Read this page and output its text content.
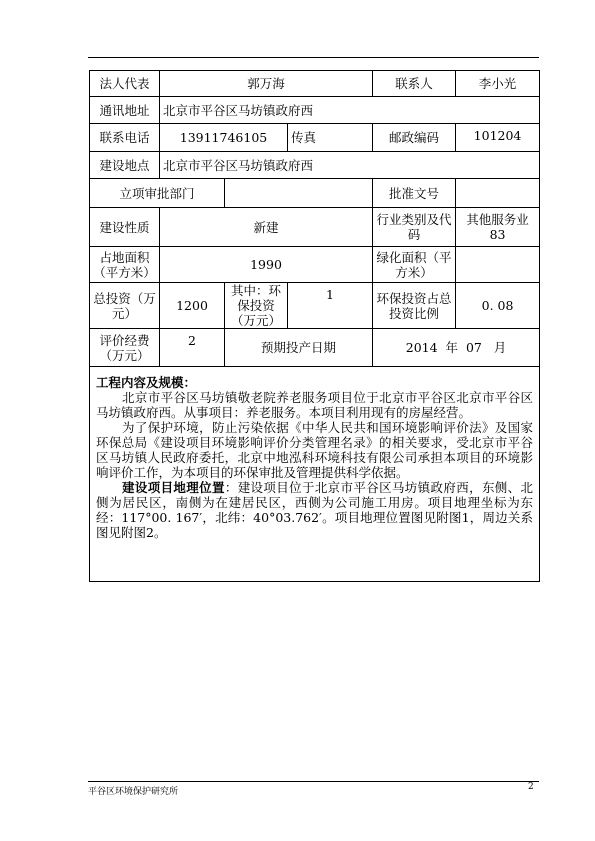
法人代表	郭万海			联系人	李小光
通讯地址	北京市平谷区马坊镇政府西				
联系电话	13911746105		传真	邮政编码	101204
建设地点	北京市平谷区马坊镇政府西				
立项审批部门				批准文号	
建设性质	新建			行业类别及代码	其他服务业 83
占地面积（平方米）	1990			绿化面积（平方米）	
总投资（万元）	1200	其中：环保投资（万元）	1	环保投资占总投资比例	0. 08
评价经费（万元）	2	预期投产日期		2014  年  07   月	

工程内容及规模：

北京市平谷区马坊镇敬老院养老服务项目位于北京市平谷区北京市平谷区马坊镇政府西。从事项目：养老服务。本项目利用现有的房屋经营。

为了保护环境，防止污染依据《中华人民共和国环境影响评价法》及国家环保总局《建设项目环境影响评价分类管理名录》的相关要求，受北京市平谷区马坊镇人民政府委托，北京中地泓科环境科技有限公司承担本项目的环境影响评价工作，为本项目的环保审批及管理提供科学依据。

建设项目地理位置：建设项目位于北京市平谷区马坊镇政府西，东侧、北侧为居民区，南侧为在建居民区，西侧为公司施工用房。项目地理坐标为东经：117°00. 167′，北纬：40°03.762′。项目地理位置图见附图1，周边关系图见附图2。					

平谷区环境保护研究所	2
